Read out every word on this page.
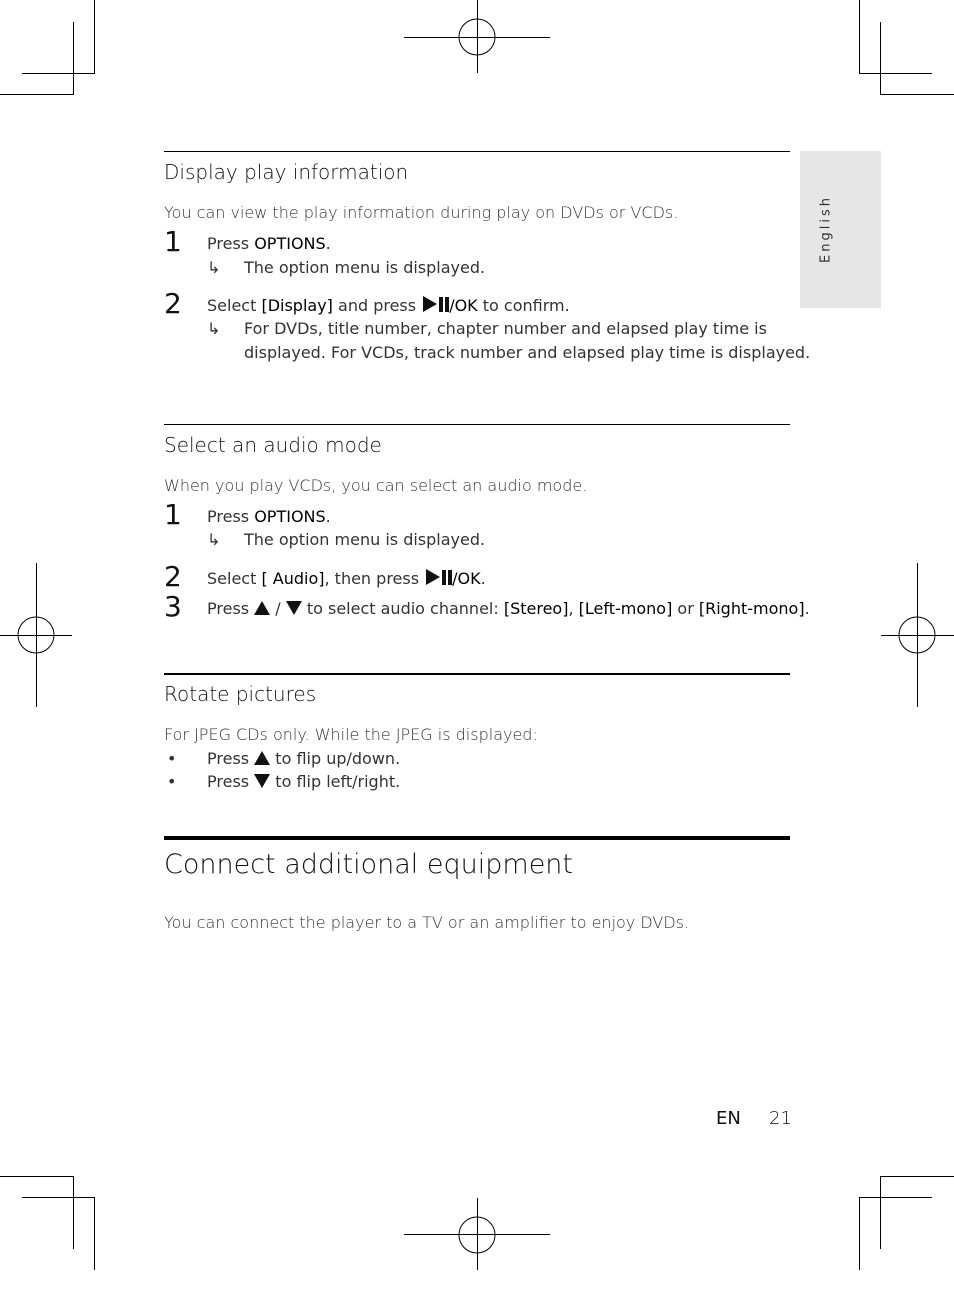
English
Display play information
You can view the play information during play on DVDs or VCDs.
1 Press OPTIONS.
↳ The option menu is displayed.
2 Select [Display] and press /OK to confirm.
↳ For DVDs, title number, chapter number and elapsed play time is
displayed. For VCDs, track number and elapsed play time is displayed.
Select an audio mode
When you play VCDs, you can select an audio mode.
1 Press OPTIONS.
↳ The option menu is displayed.
2 Select [ Audio], then press /OK.
3 Press  /  to select audio channel: [Stereo], [Left-mono] or [Right-mono].
Rotate pictures
For JPEG CDs only. While the JPEG is displayed:
• Press  to flip up/down.
• Press  to flip left/right.
Connect additional equipment
You can connect the player to a TV or an amplifier to enjoy DVDs.
EN 21
